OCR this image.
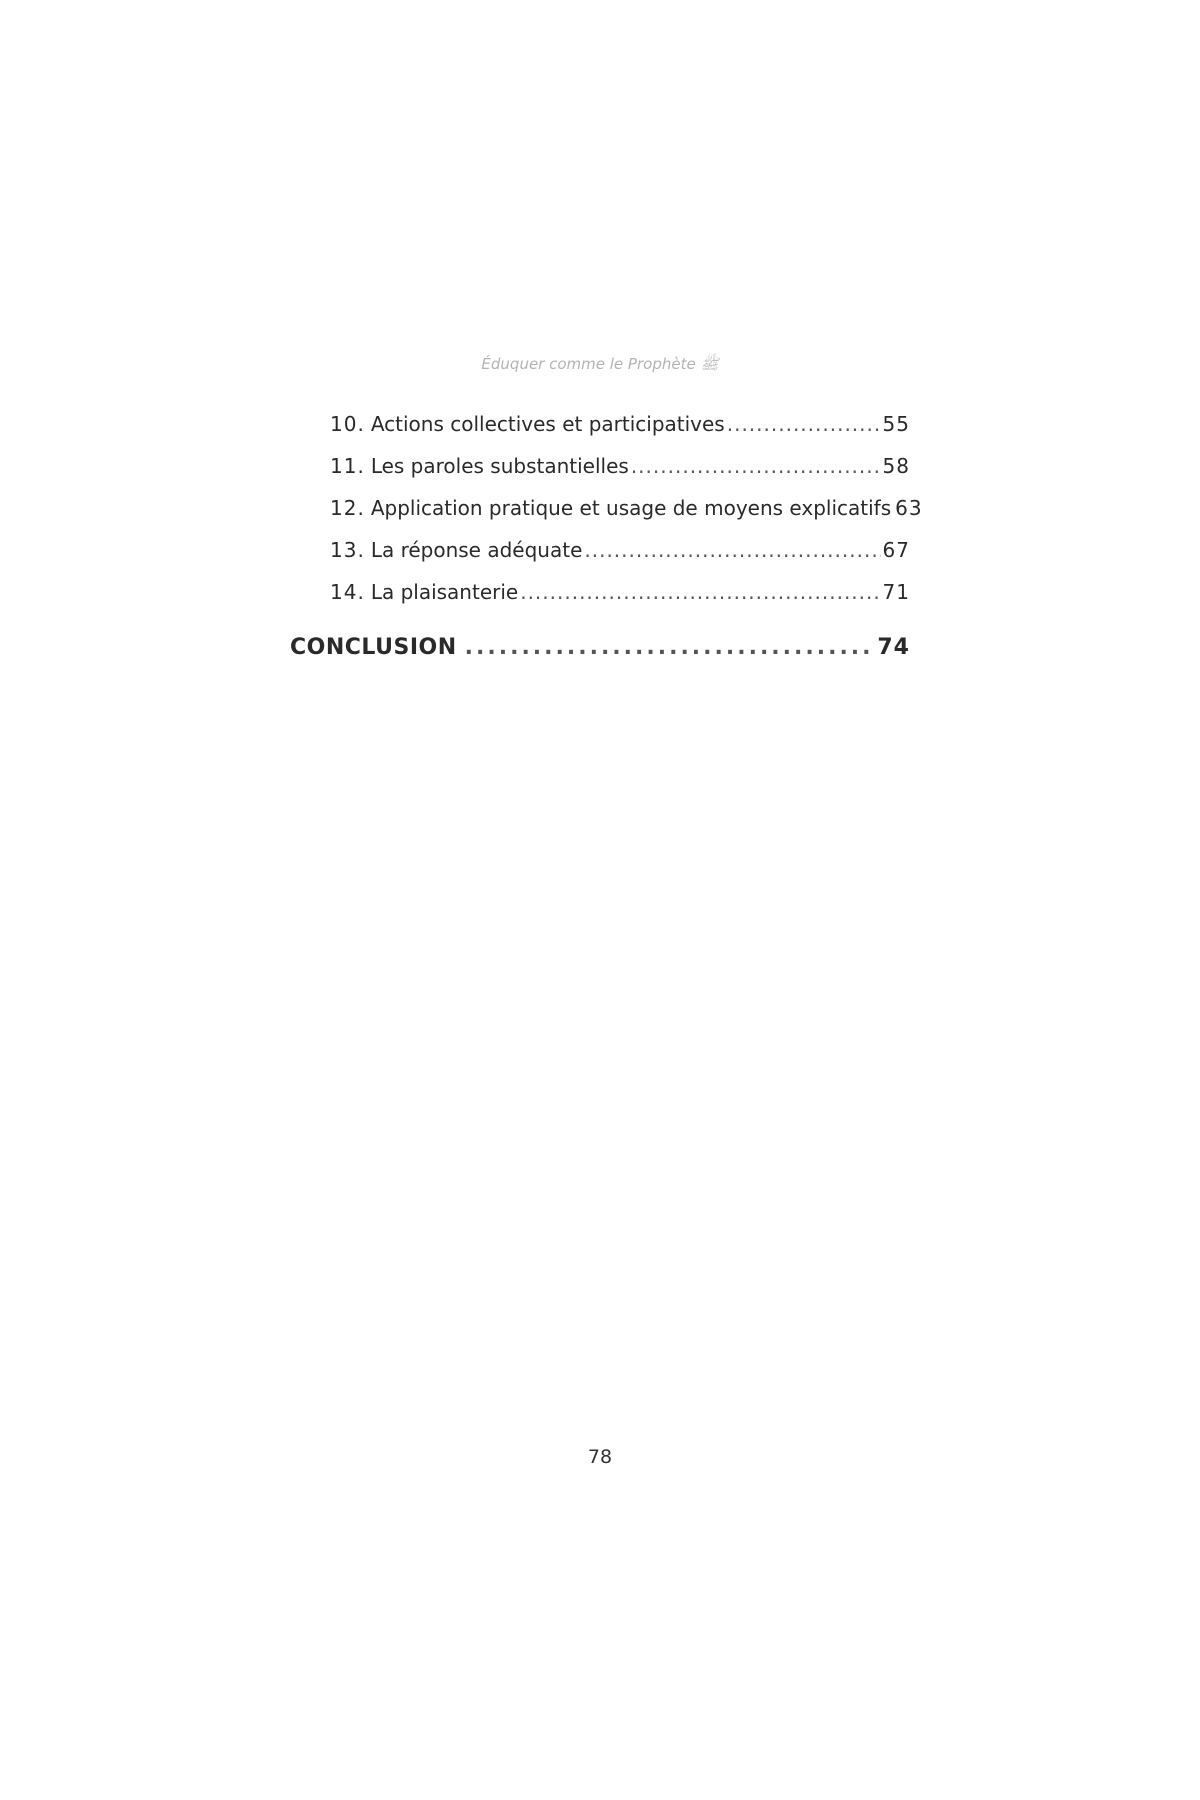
Éduquer comme le Prophète ﷺ
10. Actions collectives et participatives .....	55
11. Les paroles substantielles .....	58
12. Application pratique et usage de moyens explicatifs 63
13. La réponse adéquate .....	67
14. La plaisanterie .....	71
CONCLUSION .....	74
78
